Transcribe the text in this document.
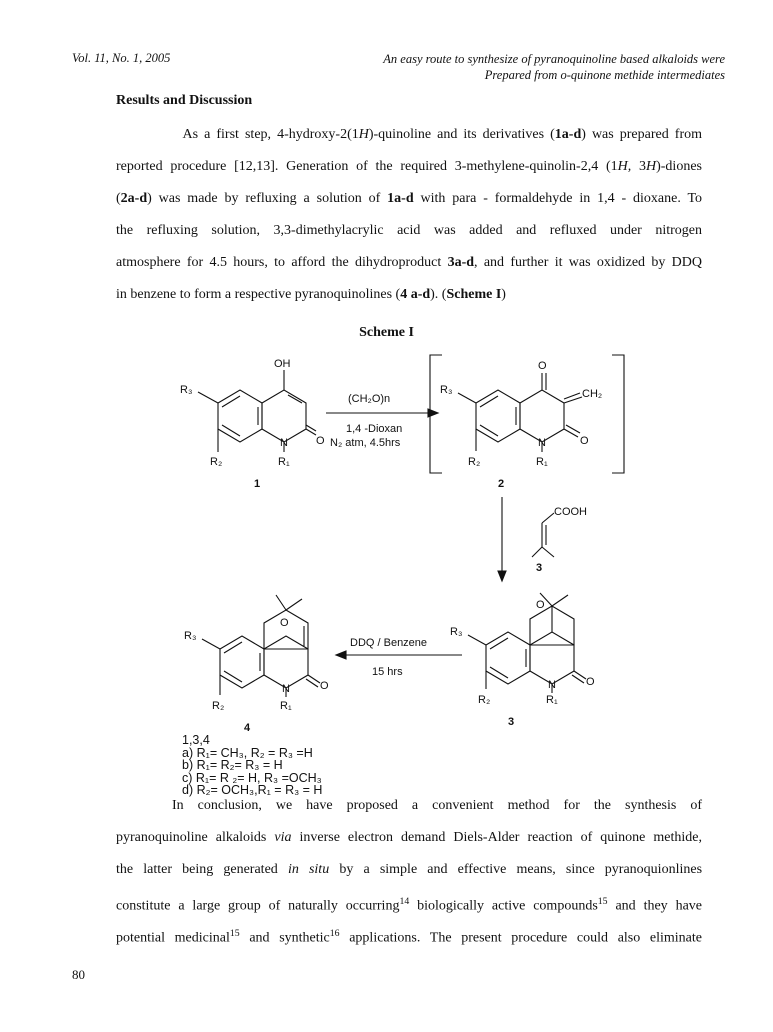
Vol. 11, No. 1, 2005	An easy route to synthesize of pyranoquinoline based alkaloids were
Prepared from o-quinone methide intermediates
Results and Discussion
As a first step, 4-hydroxy-2(1H)-quinoline and its derivatives (1a-d) was prepared from
reported procedure [12,13]. Generation of the required 3-methylene-quinolin-2,4 (1H, 3H)-diones
(2a-d) was made by refluxing a solution of 1a-d with para - formaldehyde in 1,4 - dioxane. To
the refluxing solution, 3,3-dimethylacrylic acid was added and refluxed under nitrogen
atmosphere for 4.5 hours, to afford the dihydroproduct 3a-d, and further it was oxidized by DDQ
in benzene to form a respective pyranoquinolines (4 a-d). (Scheme I)
Scheme I
OH
R₃
N	O
R₂	R₁
1
(CH₂O)n
1,4 -Dioxan
N₂ atm, 4.5hrs
O
CH₂
R₃
N	O
R₂	R₁
2
COOH
3
O
R₃
N	O
R₂	R₁
3
DDQ / Benzene
15 hrs
O
R₃
N	O
R₂	R₁
4
1,3,4
a) R₁= CH₃, R₂ = R₃ =H
b) R₁= R₂= R₃ = H
c) R₁= R ₂= H, R₃ =OCH₃
d) R₂= OCH₃,R₁ = R₃ = H
In conclusion, we have proposed a convenient method for the synthesis of
pyranoquinoline alkaloids via inverse electron demand Diels-Alder reaction of quinone methide,
the latter being generated in situ by a simple and effective means, since pyranoquionlines
constitute a large group of naturally occurring$^{14}$ biologically active compounds$^{15}$ and they have
potential medicinal$^{15}$ and synthetic$^{16}$ applications. The present procedure could also eliminate
80
